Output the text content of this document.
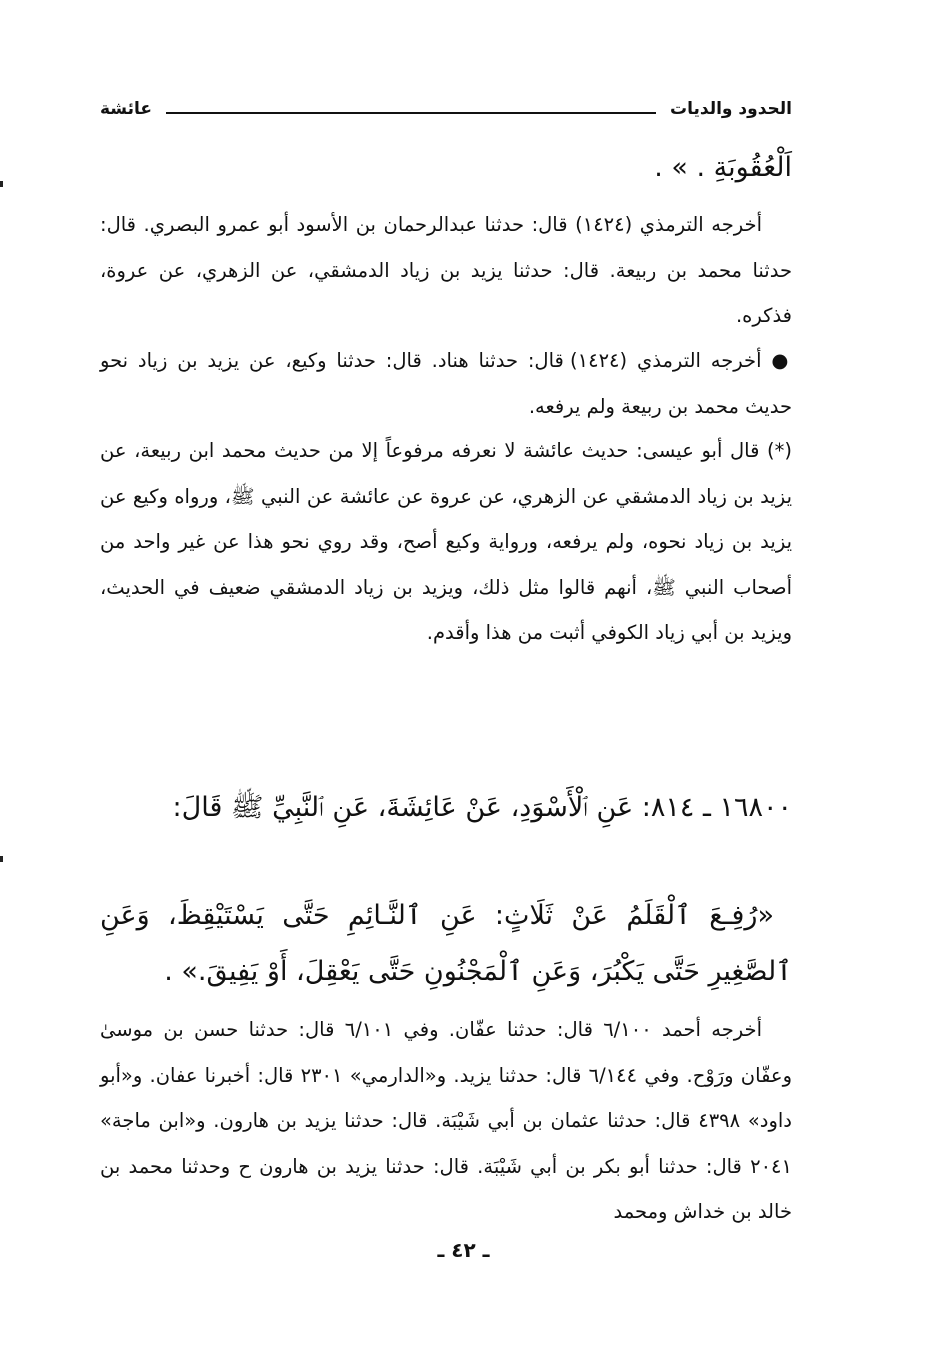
الحدود والديات
عائشة

اَلْعُقُوبَةِ . » .

أخرجه الترمذي (١٤٢٤) قال: حدثنا عبدالرحمان بن الأسود أبو عمرو البصري. قال: حدثنا محمد بن ربيعة. قال: حدثنا يزيد بن زياد الدمشقي، عن الزهري، عن عروة، فذكره.

● أخرجه الترمذي (١٤٢٤) قال: حدثنا هناد. قال: حدثنا وكيع، عن يزيد بن زياد نحو حديث محمد بن ربيعة ولم يرفعه.

(*) قال أبو عيسى: حديث عائشة لا نعرفه مرفوعاً إلا من حديث محمد ابن ربيعة، عن يزيد بن زياد الدمشقي عن الزهري، عن عروة عن عائشة عن النبي ﷺ، ورواه وكيع عن يزيد بن زياد نحوه، ولم يرفعه، ورواية وكيع أصح، وقد روي نحو هذا عن غير واحد من أصحاب النبي ﷺ، أنهم قالوا مثل ذلك، ويزيد بن زياد الدمشقي ضعيف في الحديث، ويزيد بن أبي زياد الكوفي أثبت من هذا وأقدم.

١٦٨٠٠ ـ ٨١٤: عَنِ ٱلْأَسْوَدِ، عَنْ عَائِشَةَ، عَنِ ٱلنَّبِيِّ ﷺ قَالَ:

«رُفِـعَ ٱلْقَلَمُ عَنْ ثَلَاثٍ: عَنِ ٱلنَّـائِمِ حَتَّى يَسْتَيْقِظَ، وَعَنِ ٱلصَّغِيرِ حَتَّى يَكْبُرَ، وَعَنِ ٱلْمَجْنُونِ حَتَّى يَعْقِلَ، أَوْ يَفِيقَ.» .

أخرجه أحمد ٦/١٠٠ قال: حدثنا عفّان. وفي ٦/١٠١ قال: حدثنا حسن بن موسىٰ وعفّان ورَوْح. وفي ٦/١٤٤ قال: حدثنا يزيد. و«الدارمي» ٢٣٠١ قال: أخبرنا عفان. و«أبو داود» ٤٣٩٨ قال: حدثنا عثمان بن أبي شَيْبَة. قال: حدثنا يزيد بن هارون. و«ابن ماجة» ٢٠٤١ قال: حدثنا أبو بكر بن أبي شَيْبَة. قال: حدثنا يزيد بن هارون ح وحدثنا محمد بن خالد بن خداش ومحمد

ـ ٤٢ ـ
